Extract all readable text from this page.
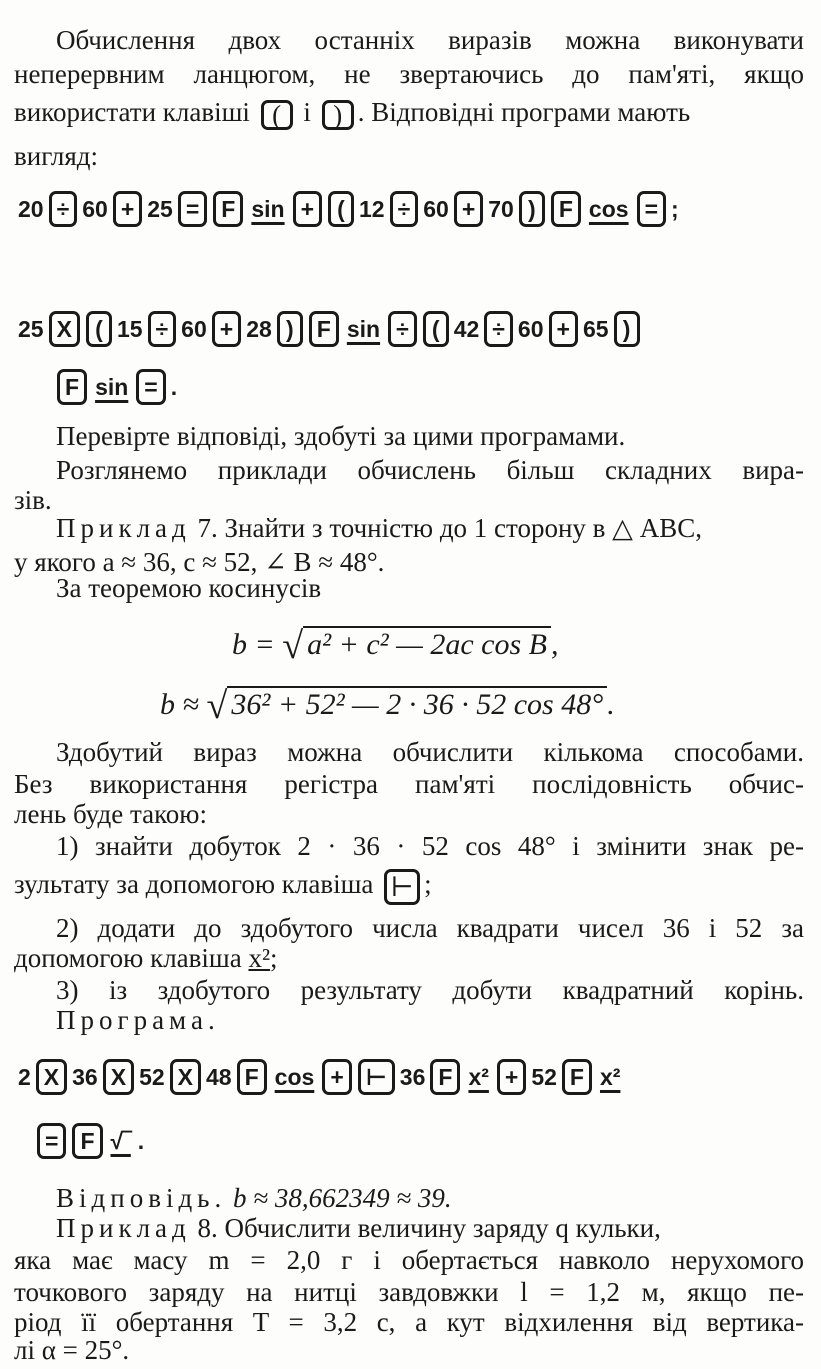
Обчислення двох останніх виразів можна виконувати
неперервним ланцюгом, не звертаючись до пам'яті, якщо
використати клавіші ( і ) . Відповідні програми мають
вигляд:
20 ÷ 60 + 25 = F sin +	( 12 ÷ 60 + 70 )	F cos = ;
25 X	( 15 ÷ 60 + 28 )	F sin ÷	( 42 ÷ 60 + 65 )
F sin = .
Перевірте відповіді, здобуті за цими програмами.
Розглянемо приклади обчислень більш складних вира-
зів.
Приклад 7. Знайти з точністю до 1 сторону в △ ABC,
у якого a ≈ 36, c ≈ 52, ∠ B ≈ 48°.
За теоремою косинусів
b = √ a² + c² — 2ac cos B ,
b ≈ √ 36² + 52² — 2 · 36 · 52 cos 48° .
Здобутий вираз можна обчислити кількома способами.
Без використання регістра пам'яті послідовність обчис-
лень буде такою:
1) знайти добуток 2 · 36 · 52 cos 48° і змінити знак ре-
зультату за допомогою клавіша ⊢ ;
2) додати до здобутого числа квадрати чисел 36 і 52 за
допомогою клавіша x²;
3) із здобутого результату добути квадратний корінь.
Програма.
2 X 36 X 52 X 48 F cos + ⊢ 36 F x² + 52 F x²
= F √‾ .
Відповідь. b ≈ 38,662349 ≈ 39.
Приклад 8. Обчислити величину заряду q кульки,
яка має масу m = 2,0 г і обертається навколо нерухомого
точкового заряду на нитці завдовжки l = 1,2 м, якщо пе-
ріод її обертання T = 3,2 с, а кут відхилення від вертика-
лі α = 25°.
